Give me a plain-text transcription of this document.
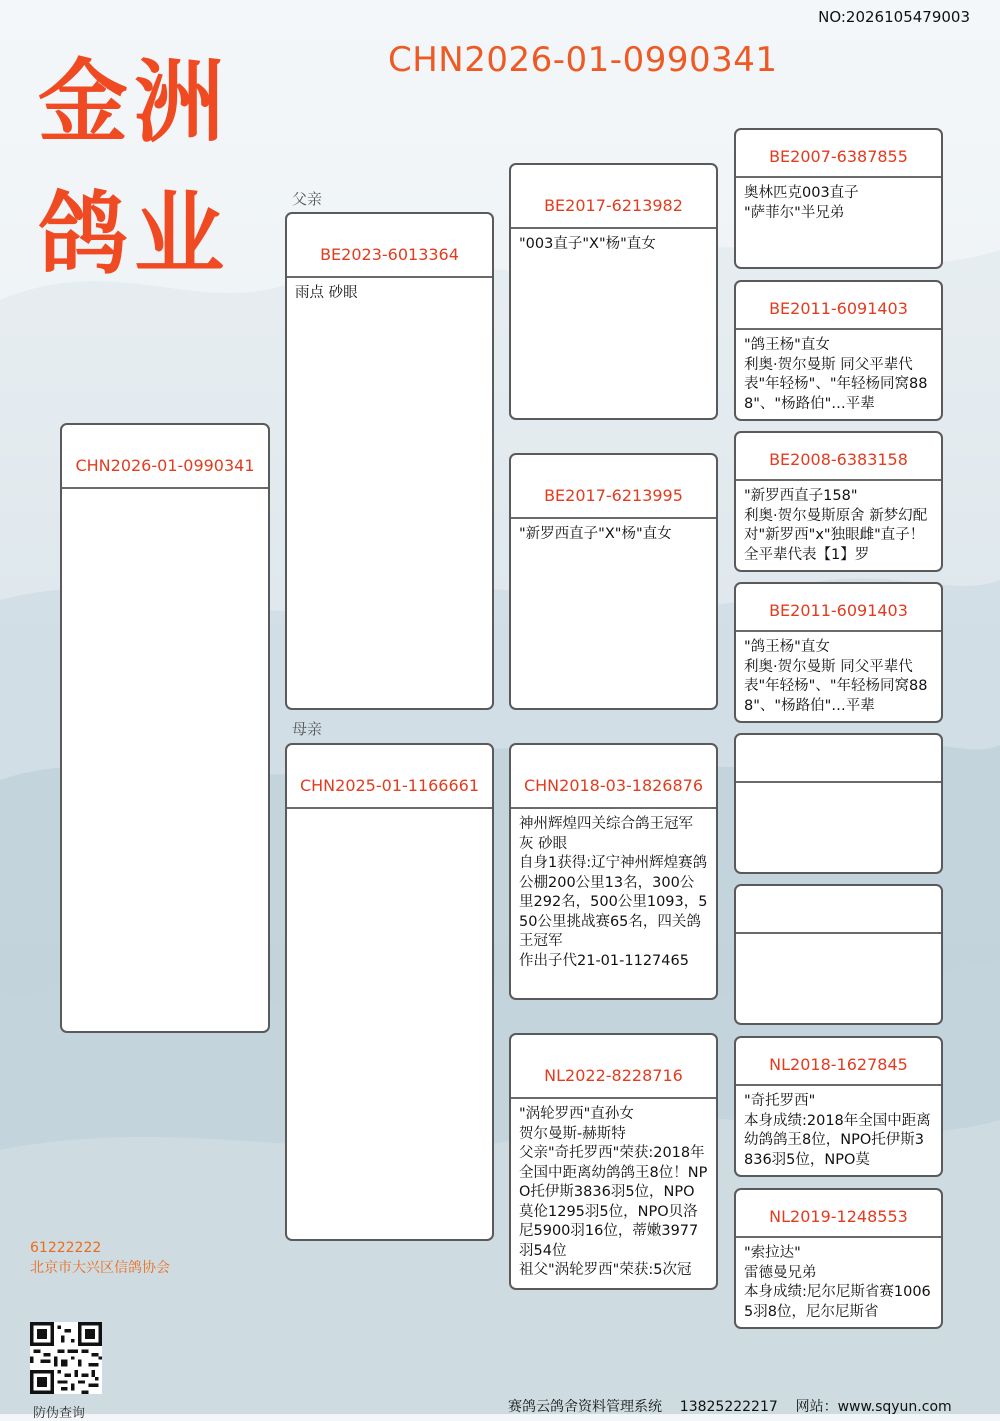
NO:2026105479003
CHN2026-01-0990341
金洲
鸽业	父亲
母亲
CHN2026-01-0990341
BE2023-6013364
雨点 砂眼
CHN2025-01-1166661
BE2017-6213982
"003直子"X"杨"直女
BE2017-6213995
"新罗西直子"X"杨"直女
CHN2018-03-1826876
神州辉煌四关综合鸽王冠军
灰 砂眼
自身1获得:辽宁神州辉煌赛鸽公棚200公里13名，300公里292名，500公里1093，550公里挑战赛65名，四关鸽王冠军
作出子代21-01-1127465
NL2022-8228716
"涡轮罗西"直孙女
贺尔曼斯-赫斯特
父亲"奇托罗西"荣获:2018年全国中距离幼鸽鸽王8位！NPO托伊斯3836羽5位，NPO莫伦1295羽5位，NPO贝洛尼5900羽16位，蒂嫩3977羽54位
祖父"涡轮罗西"荣获:5次冠
BE2007-6387855
奥林匹克003直子
"萨菲尔"半兄弟
BE2011-6091403
"鸽王杨"直女
利奥·贺尔曼斯 同父平辈代表"年轻杨"、"年轻杨同窝888"、"杨路伯"…平辈
BE2008-6383158
"新罗西直子158"
利奥·贺尔曼斯原舍 新梦幻配对"新罗西"x"独眼雌"直子！全平辈代表【1】罗
BE2011-6091403
"鸽王杨"直女
利奥·贺尔曼斯 同父平辈代表"年轻杨"、"年轻杨同窝888"、"杨路伯"…平辈
NL2018-1627845
"奇托罗西"
本身成绩:2018年全国中距离幼鸽鸽王8位，NPO托伊斯3836羽5位，NPO莫
NL2019-1248553
"索拉达"
雷德曼兄弟
本身成绩:尼尔尼斯省赛10065羽8位，尼尔尼斯省
61222222
北京市大兴区信鸽协会
防伪查询	赛鸽云鸽舍资料管理系统    13825222217    网站：www.sqyun.com
